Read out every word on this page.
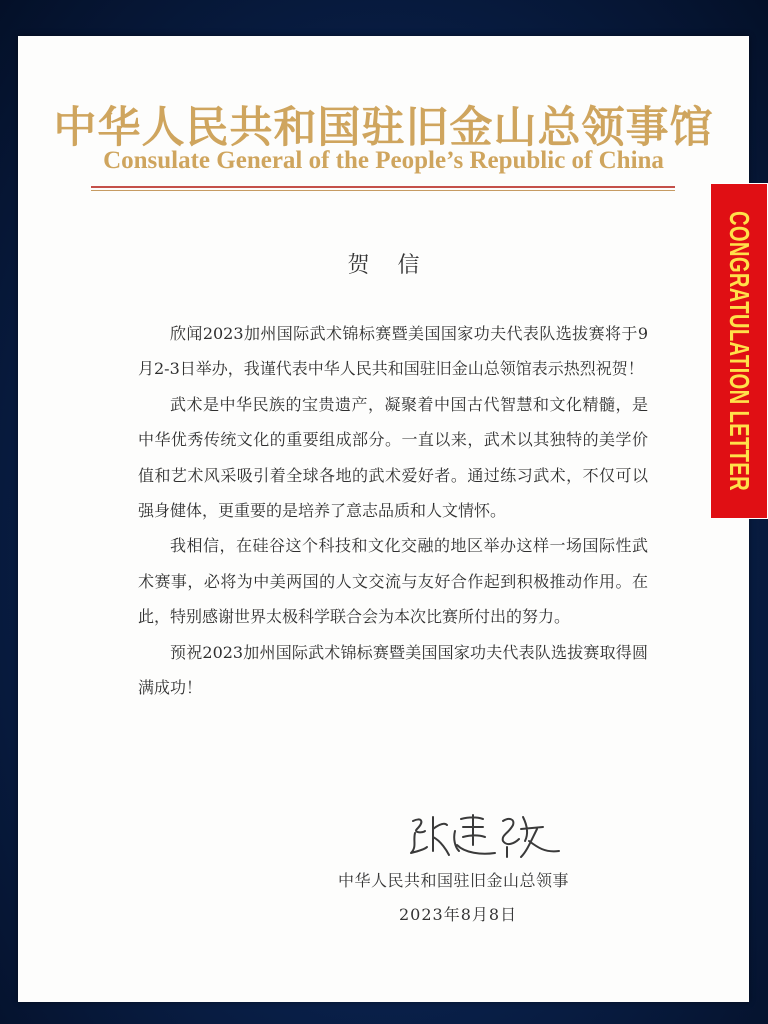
中华人民共和国驻旧金山总领事馆
Consulate General of the People’s Republic of China
贺信

欣闻2023加州国际武术锦标赛暨美国国家功夫代表队选拔赛将于9月2-3日举办，我谨代表中华人民共和国驻旧金山总领馆表示热烈祝贺！

武术是中华民族的宝贵遗产，凝聚着中国古代智慧和文化精髓，是中华优秀传统文化的重要组成部分。一直以来，武术以其独特的美学价值和艺术风采吸引着全球各地的武术爱好者。通过练习武术，不仅可以强身健体，更重要的是培养了意志品质和人文情怀。

我相信，在硅谷这个科技和文化交融的地区举办这样一场国际性武术赛事，必将为中美两国的人文交流与友好合作起到积极推动作用。在此，特别感谢世界太极科学联合会为本次比赛所付出的努力。

预祝2023加州国际武术锦标赛暨美国国家功夫代表队选拔赛取得圆满成功！

中华人民共和国驻旧金山总领事
2023年8月8日
CONGRATULATION LETTER
